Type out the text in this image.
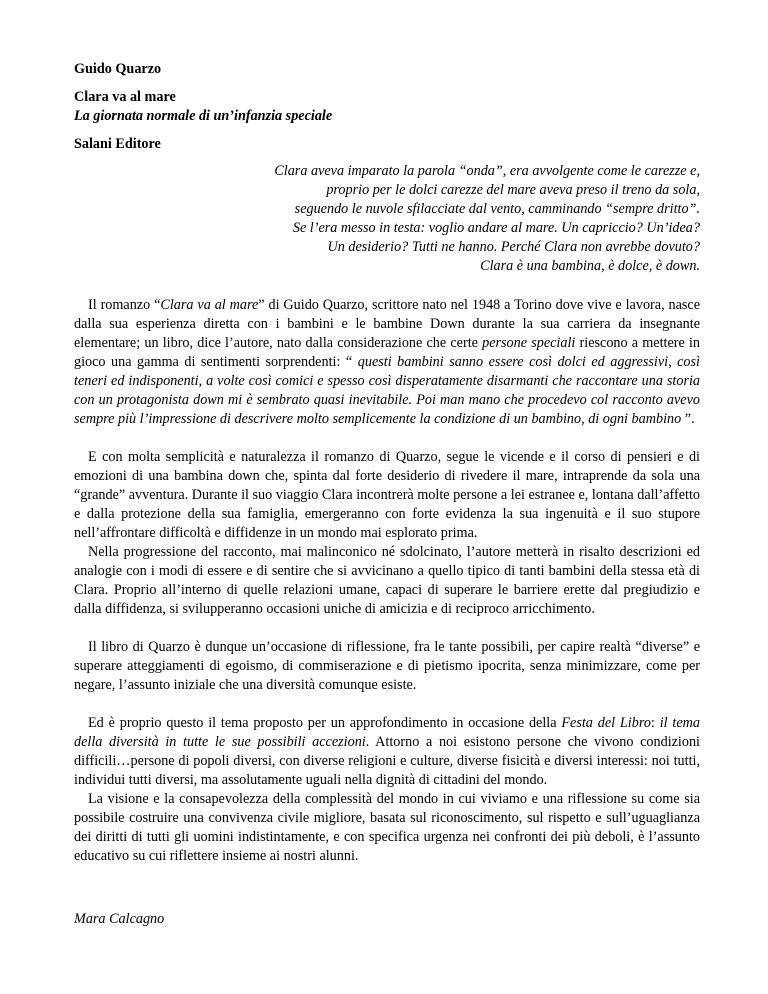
Guido Quarzo

Clara va al mare

La giornata normale di un’infanzia speciale

Salani Editore

Clara aveva imparato la parola “onda”, era avvolgente come le carezze e,
proprio per le dolci carezze del mare aveva preso il treno da sola,
seguendo le nuvole sfilacciate dal vento, camminando “sempre dritto”.
Se l’era messo in testa: voglio andare al mare. Un capriccio? Un’idea?
Un desiderio? Tutti ne hanno. Perché Clara non avrebbe dovuto?
Clara è una bambina, è dolce, è down.

Il romanzo “Clara va al mare” di Guido Quarzo, scrittore nato nel 1948 a Torino dove vive e lavora, nasce dalla sua esperienza diretta con i bambini e le bambine Down durante la sua carriera da insegnante elementare; un libro, dice l’autore, nato dalla considerazione che certe persone speciali riescono a mettere in gioco una gamma di sentimenti sorprendenti: “ questi bambini sanno essere così dolci ed aggressivi, così teneri ed indisponenti, a volte così comici e spesso così disperatamente disarmanti che raccontare una storia con un protagonista down mi è sembrato quasi inevitabile. Poi man mano che procedevo col racconto avevo sempre più l’impressione di descrivere molto semplicemente la condizione di un bambino, di ogni bambino ”.

E con molta semplicità e naturalezza il romanzo di Quarzo, segue le vicende e il corso di pensieri e di emozioni di una bambina down che, spinta dal forte desiderio di rivedere il mare, intraprende da sola una “grande” avventura. Durante il suo viaggio Clara incontrerà molte persone a lei estranee e, lontana dall’affetto e dalla protezione della sua famiglia, emergeranno con forte evidenza la sua ingenuità e il suo stupore nell’affrontare difficoltà e diffidenze in un mondo mai esplorato prima.

Nella progressione del racconto, mai malinconico né sdolcinato, l’autore metterà in risalto descrizioni ed analogie con i modi di essere e di sentire che si avvicinano a quello tipico di tanti bambini della stessa età di Clara. Proprio all’interno di quelle relazioni umane, capaci di superare le barriere erette dal pregiudizio e dalla diffidenza, si svilupperanno occasioni uniche di amicizia e di reciproco arricchimento.

Il libro di Quarzo è dunque un’occasione di riflessione, fra le tante possibili, per capire realtà “diverse” e superare atteggiamenti di egoismo, di commiserazione e di pietismo ipocrita, senza minimizzare, come per negare, l’assunto iniziale che una diversità comunque esiste.

Ed è proprio questo il tema proposto per un approfondimento in occasione della Festa del Libro: il tema della diversità in tutte le sue possibili accezioni. Attorno a noi esistono persone che vivono condizioni difficili…persone di popoli diversi, con diverse religioni e culture, diverse fisicità e diversi interessi: noi tutti, individui tutti diversi, ma assolutamente uguali nella dignità di cittadini del mondo.

La visione e la consapevolezza della complessità del mondo in cui viviamo e una riflessione su come sia possibile costruire una convivenza civile migliore, basata sul riconoscimento, sul rispetto e sull’uguaglianza dei diritti di tutti gli uomini indistintamente, e con specifica urgenza nei confronti dei più deboli, è l’assunto educativo su cui riflettere insieme ai nostri alunni.

Mara Calcagno
